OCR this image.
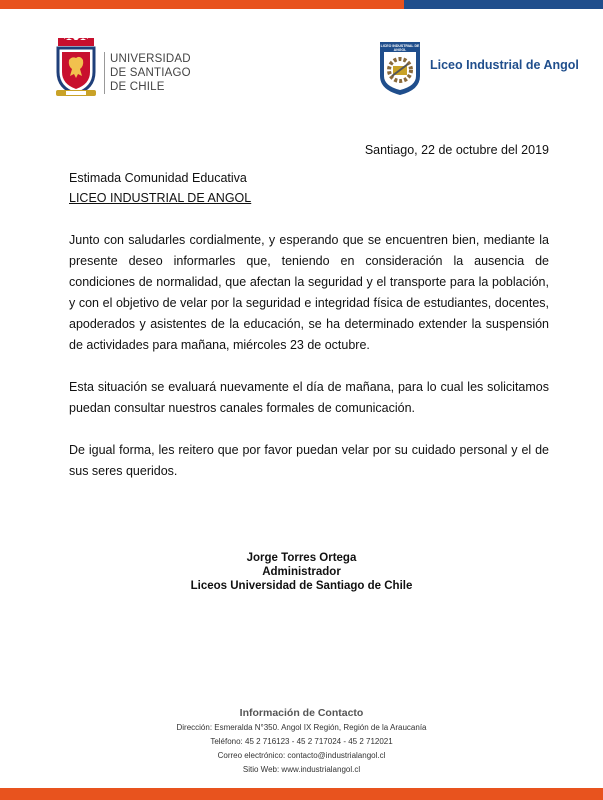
UNIVERSIDAD
DE SANTIAGO
DE CHILE
LICEO INDUSTRIAL DE ANGOL
Liceo Industrial de Angol
Santiago, 22 de octubre del 2019
Estimada Comunidad Educativa
LICEO INDUSTRIAL DE ANGOL
Junto con saludarles cordialmente, y esperando que se encuentren bien, mediante la presente deseo informarles que, teniendo en consideración la ausencia de condiciones de normalidad, que afectan la seguridad y el transporte para la población, y con el objetivo de velar por la seguridad e integridad física de estudiantes, docentes, apoderados y asistentes de la educación, se ha determinado extender la suspensión de actividades para mañana, miércoles 23 de octubre.
Esta situación se evaluará nuevamente el día de mañana, para lo cual les solicitamos puedan consultar nuestros canales formales de comunicación.
De igual forma, les reitero que por favor puedan velar por su cuidado personal y el de sus seres queridos.
Jorge Torres Ortega
Administrador
Liceos Universidad de Santiago de Chile
Información de Contacto
Dirección: Esmeralda N°350. Angol IX Región, Región de la Araucanía
Teléfono: 45 2 716123 - 45 2 717024 - 45 2 712021
Correo electrónico: contacto@industrialangol.cl
Sitio Web: www.industrialangol.cl
